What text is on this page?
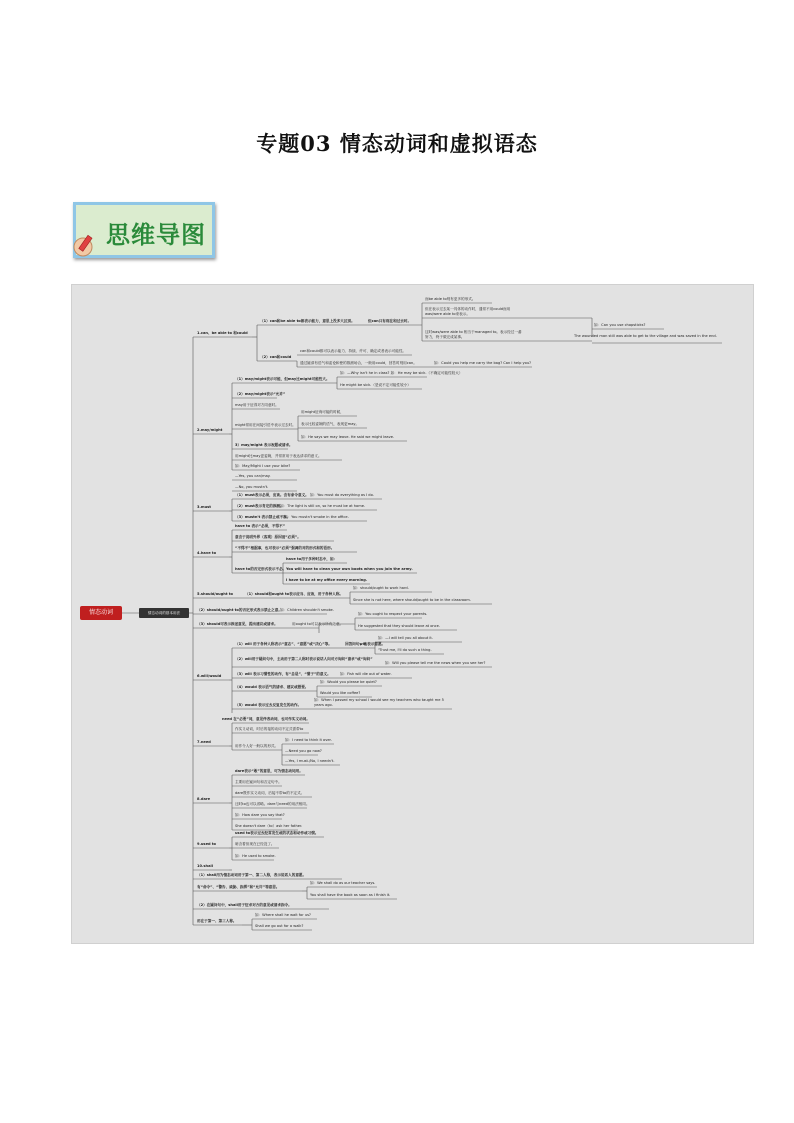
专题03 情态动词和虚拟语态
思维导图
情态动词	情态动词的基本用法
1.can、be able to 和could
（1）can和be able to都表示能力，意思上没多大区别。	但can只有现在和过去时。
而be able to则有更多的形式。
但在表示过去某一具体的动作时，通常不用could而用was/were able to来表示。
这时was/were able to 相当于managed to。表示经过一番努力，终于做完成某事。
如：Can you use chopsticks?
The wounded man still was able to get to the village and was saved in the end.
（2）can和could
can和could都可以表示能力、持续、许可、确定或者表示可能性。
通过疑请有语气和委论和使的推测场合，一般用could，回答时则用can。	如：Could you help me carry the bag? Can I help you?
2.may/might
（1）may/might表示可能，但may比might可能性大。
如：—Why isn't he in class? 如：He may be sick.（不确定可能性较大）
He might be sick.（是说不定可能性较小）
（2）may/might表示“允许”
may用于征得对方同意时。
might常用在间接引语中表示过去时。
用might征询可能的时候，
表示比较委婉的语气，表现更may。
如：He says we may leave. He said we might leave.
3）may/might 表示祝愿或请求。
用might比may更委婉，并常常用于表达请求的意义。
如：May/Might I use your bike?
—Yes, you can/may.
—No, you mustn't.
3.must
（1）must表示必须，应该。含有命令意义。 如：You must do everything as I do.
（2）must表示肯定的推测。
如：The light is still on, so he must be at home.
（3）mustn't 表示禁止或不准。
如：You mustn't smoke in the office.
4.have to
have to 表示“必须，不得不”
意含于说明外界（客观）原因而“必须”。
“不得不”根据事，也可表示“必须”强调的对的形式和的语形。
have to的否定形式表示不必。
have to用于多种时态中，如：
You will have to clean your own boots when you join the army.
I have to be at my office every morning.
5.should/ought to	（1）should和ought to表示应当、应该，用于各种人称。
如：should/ought to work hard.
Since she is not here, where should/ought to be in the classroom.
（2）should/ought to的否定形式表示禁止之意。
如：Children shouldn't smoke.
（3）should可表示推述意见，提出建议或请求。	用ought to可以表示所有之意。
如：You ought to respect your parents.
He suggested that they should leave at once.
6.will/would
（1）will 用于各种人称表示“意志”、“意愿”或“决心”等。	回答问句will
；也表示意愿。
如：—I will tell you all about it.
"Trust me, I'll do such a thing.
（2）will用于疑问句中，主动用于第二人称时表示说话人向对方询问“请求”或“询问”
如：Will you please tell me the news when you see her?
（3）will 表示习惯性的动作，有“总是”、“惯于”的意义。	如：Fish will die out of water.
（4）would 表示语气的请求、建议或想要。
如：Would you please be quiet?
Would you like coffee?
（5）would 表示过去反复发生的动作。
如：When I passed my school I would see my teachers who taught me 5 years ago.
7.need
need 在“必要”词，意见伴表动词，也可作实义动词。
作实义动词，时后的接的动词不定式需带to
用作令人好一般以的形式。
如：I need to think it over.
—Need you go now?
—Yes, I must./No, I needn't.
8.dare
dare表示“敢”的意思，可为情态动词用。
主要用在疑问句和否定句中。
dare既作实义动词，后接不带to的不定式。
还时to也可以省略。dare与need的用法相同。
如：How dare you say that?
She doesn't dare（to）ask her father.
9.used to
used to表示过去经常发生或的状态和动作或习惯。
暗含着但现在已经没了。
如：He used to smoke.
10.shall
（1）shall用为情态动词用于第一、第二人称，表示说话人的意愿。
有“命令”、“警告、威胁、指挥”和“允许”等意思。
如：We shall do as our teacher says.
You shall have the book as soon as I finish it.
（2）在疑问句中，shall用于征求对方的意见或请求指令。
用在于第一、第三人称。
如：Where shall he wait for us?
Shall we go out for a walk?
